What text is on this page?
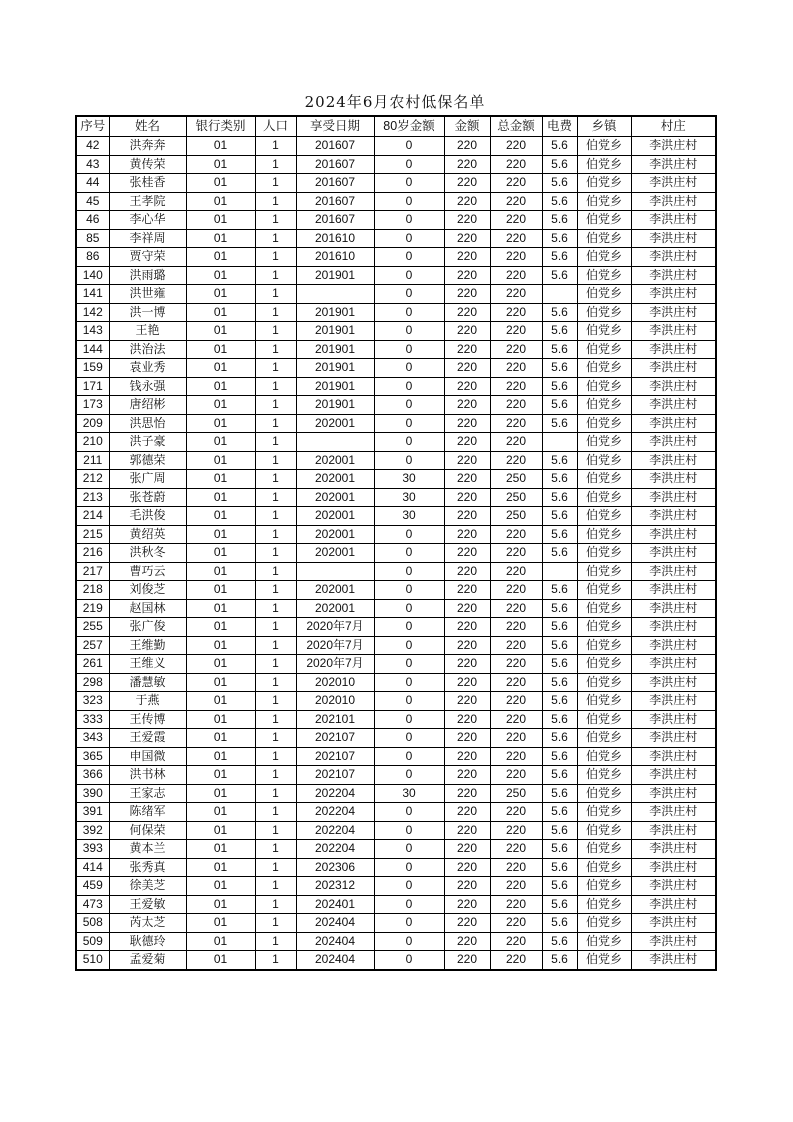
2024年6月农村低保名单
序号	姓名	银行类别	人口	享受日期	80岁金额	金额	总金额	电费	乡镇	村庄
42	洪奔奔	01	1	201607	0	220	220	5.6	伯党乡	李洪庄村
43	黄传荣	01	1	201607	0	220	220	5.6	伯党乡	李洪庄村
44	张桂香	01	1	201607	0	220	220	5.6	伯党乡	李洪庄村
45	王孝院	01	1	201607	0	220	220	5.6	伯党乡	李洪庄村
46	李心华	01	1	201607	0	220	220	5.6	伯党乡	李洪庄村
85	李祥周	01	1	201610	0	220	220	5.6	伯党乡	李洪庄村
86	贾守荣	01	1	201610	0	220	220	5.6	伯党乡	李洪庄村
140	洪雨璐	01	1	201901	0	220	220	5.6	伯党乡	李洪庄村
141	洪世雍	01	1		0	220	220		伯党乡	李洪庄村
142	洪一博	01	1	201901	0	220	220	5.6	伯党乡	李洪庄村
143	王艳	01	1	201901	0	220	220	5.6	伯党乡	李洪庄村
144	洪治法	01	1	201901	0	220	220	5.6	伯党乡	李洪庄村
159	袁业秀	01	1	201901	0	220	220	5.6	伯党乡	李洪庄村
171	钱永强	01	1	201901	0	220	220	5.6	伯党乡	李洪庄村
173	唐绍彬	01	1	201901	0	220	220	5.6	伯党乡	李洪庄村
209	洪思怡	01	1	202001	0	220	220	5.6	伯党乡	李洪庄村
210	洪子豪	01	1		0	220	220		伯党乡	李洪庄村
211	郭德荣	01	1	202001	0	220	220	5.6	伯党乡	李洪庄村
212	张广周	01	1	202001	30	220	250	5.6	伯党乡	李洪庄村
213	张苍蔚	01	1	202001	30	220	250	5.6	伯党乡	李洪庄村
214	毛洪俊	01	1	202001	30	220	250	5.6	伯党乡	李洪庄村
215	黄绍英	01	1	202001	0	220	220	5.6	伯党乡	李洪庄村
216	洪秋冬	01	1	202001	0	220	220	5.6	伯党乡	李洪庄村
217	曹巧云	01	1		0	220	220		伯党乡	李洪庄村
218	刘俊芝	01	1	202001	0	220	220	5.6	伯党乡	李洪庄村
219	赵国林	01	1	202001	0	220	220	5.6	伯党乡	李洪庄村
255	张广俊	01	1	2020年7月	0	220	220	5.6	伯党乡	李洪庄村
257	王维勤	01	1	2020年7月	0	220	220	5.6	伯党乡	李洪庄村
261	王维义	01	1	2020年7月	0	220	220	5.6	伯党乡	李洪庄村
298	潘慧敏	01	1	202010	0	220	220	5.6	伯党乡	李洪庄村
323	于燕	01	1	202010	0	220	220	5.6	伯党乡	李洪庄村
333	王传博	01	1	202101	0	220	220	5.6	伯党乡	李洪庄村
343	王爱霞	01	1	202107	0	220	220	5.6	伯党乡	李洪庄村
365	申国微	01	1	202107	0	220	220	5.6	伯党乡	李洪庄村
366	洪书林	01	1	202107	0	220	220	5.6	伯党乡	李洪庄村
390	王家志	01	1	202204	30	220	250	5.6	伯党乡	李洪庄村
391	陈绪军	01	1	202204	0	220	220	5.6	伯党乡	李洪庄村
392	何保荣	01	1	202204	0	220	220	5.6	伯党乡	李洪庄村
393	黄本兰	01	1	202204	0	220	220	5.6	伯党乡	李洪庄村
414	张秀真	01	1	202306	0	220	220	5.6	伯党乡	李洪庄村
459	徐美芝	01	1	202312	0	220	220	5.6	伯党乡	李洪庄村
473	王爱敏	01	1	202401	0	220	220	5.6	伯党乡	李洪庄村
508	芮太芝	01	1	202404	0	220	220	5.6	伯党乡	李洪庄村
509	耿德玲	01	1	202404	0	220	220	5.6	伯党乡	李洪庄村
510	孟爱菊	01	1	202404	0	220	220	5.6	伯党乡	李洪庄村
